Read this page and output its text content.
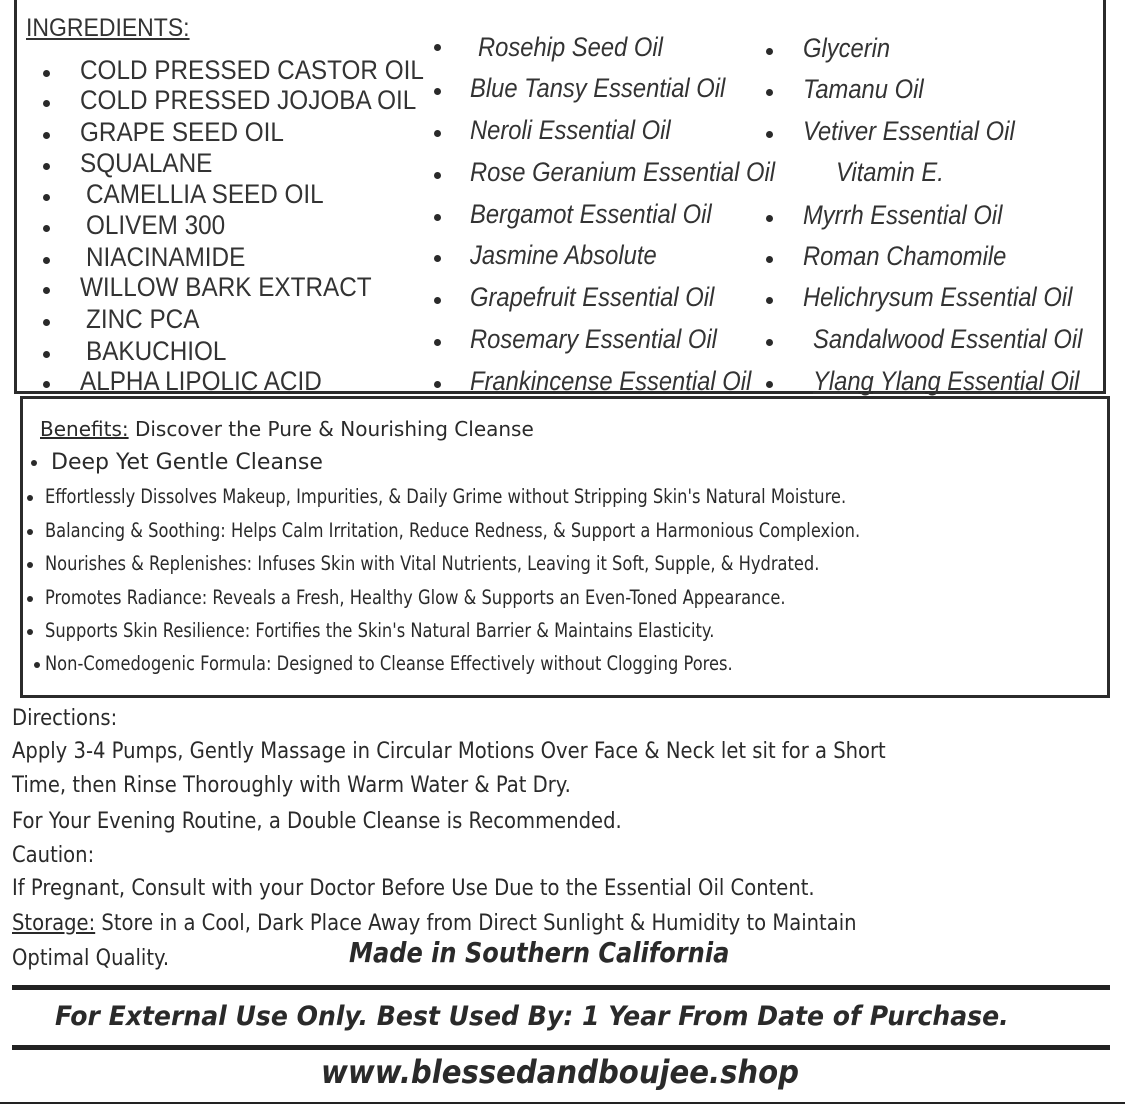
INGREDIENTS:
COLD PRESSED CASTOR OIL
COLD PRESSED JOJOBA OIL
GRAPE SEED OIL
SQUALANE
CAMELLIA SEED OIL
OLIVEM 300
NIACINAMIDE
WILLOW BARK EXTRACT
ZINC PCA
BAKUCHIOL
ALPHA LIPOLIC ACID
Rosehip Seed Oil
Blue Tansy Essential Oil
Neroli Essential Oil
Rose Geranium Essential Oil
Bergamot Essential Oil
Jasmine Absolute
Grapefruit Essential Oil
Rosemary Essential Oil
Frankincense Essential Oil
Glycerin
Tamanu Oil
Vetiver Essential Oil
Vitamin E.
Myrrh Essential Oil
Roman Chamomile
Helichrysum Essential Oil
Sandalwood Essential Oil
Ylang Ylang Essential Oil
Benefits: Discover the Pure & Nourishing Cleanse
Deep Yet Gentle Cleanse
Effortlessly Dissolves Makeup, Impurities, & Daily Grime without Stripping Skin's Natural Moisture.
Balancing & Soothing: Helps Calm Irritation, Reduce Redness, & Support a Harmonious Complexion.
Nourishes & Replenishes: Infuses Skin with Vital Nutrients, Leaving it Soft, Supple, & Hydrated.
Promotes Radiance: Reveals a Fresh, Healthy Glow & Supports an Even-Toned Appearance.
Supports Skin Resilience: Fortifies the Skin's Natural Barrier & Maintains Elasticity.
Non-Comedogenic Formula: Designed to Cleanse Effectively without Clogging Pores.
Directions:
Apply 3-4 Pumps, Gently Massage in Circular Motions Over Face & Neck let sit for a Short
Time, then Rinse Thoroughly with Warm Water & Pat Dry.
For Your Evening Routine, a Double Cleanse is Recommended.
Caution:
If Pregnant, Consult with your Doctor Before Use Due to the Essential Oil Content.
Storage: Store in a Cool, Dark Place Away from Direct Sunlight & Humidity to Maintain
Optimal Quality.	Made in Southern California
For External Use Only. Best Used By: 1 Year From Date of Purchase.
www.blessedandboujee.shop
